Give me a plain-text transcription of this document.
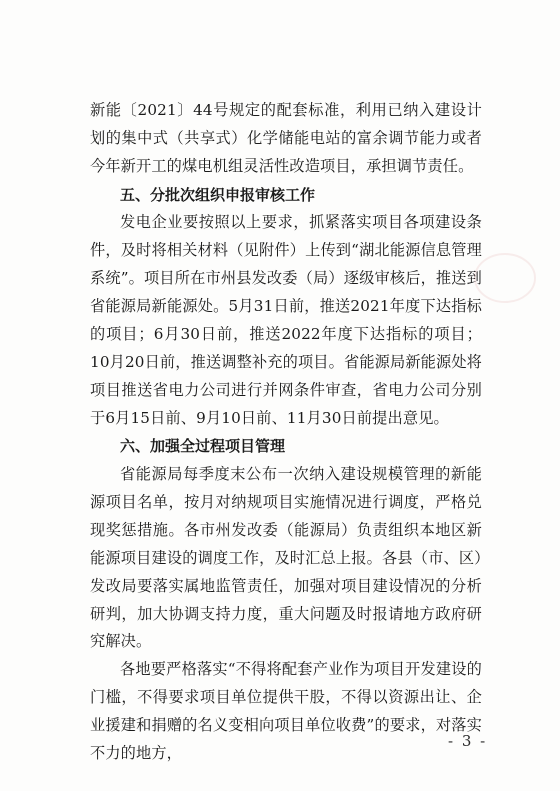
新能〔2021〕44号规定的配套标准，利用已纳入建设计划的集中式（共享式）化学储能电站的富余调节能力或者今年新开工的煤电机组灵活性改造项目，承担调节责任。

五、分批次组织申报审核工作

发电企业要按照以上要求，抓紧落实项目各项建设条件，及时将相关材料（见附件）上传到“湖北能源信息管理系统”。项目所在市州县发改委（局）逐级审核后，推送到省能源局新能源处。5月31日前，推送2021年度下达指标的项目；6月30日前，推送2022年度下达指标的项目；10月20日前，推送调整补充的项目。省能源局新能源处将项目推送省电力公司进行并网条件审查，省电力公司分别于6月15日前、9月10日前、11月30日前提出意见。

六、加强全过程项目管理

省能源局每季度末公布一次纳入建设规模管理的新能源项目名单，按月对纳规项目实施情况进行调度，严格兑现奖惩措施。各市州发改委（能源局）负责组织本地区新能源项目建设的调度工作，及时汇总上报。各县（市、区）发改局要落实属地监管责任，加强对项目建设情况的分析研判，加大协调支持力度，重大问题及时报请地方政府研究解决。

各地要严格落实“不得将配套产业作为项目开发建设的门槛，不得要求项目单位提供干股，不得以资源出让、企业援建和捐赠的名义变相向项目单位收费”的要求，对落实不力的地方，

- 3 -
